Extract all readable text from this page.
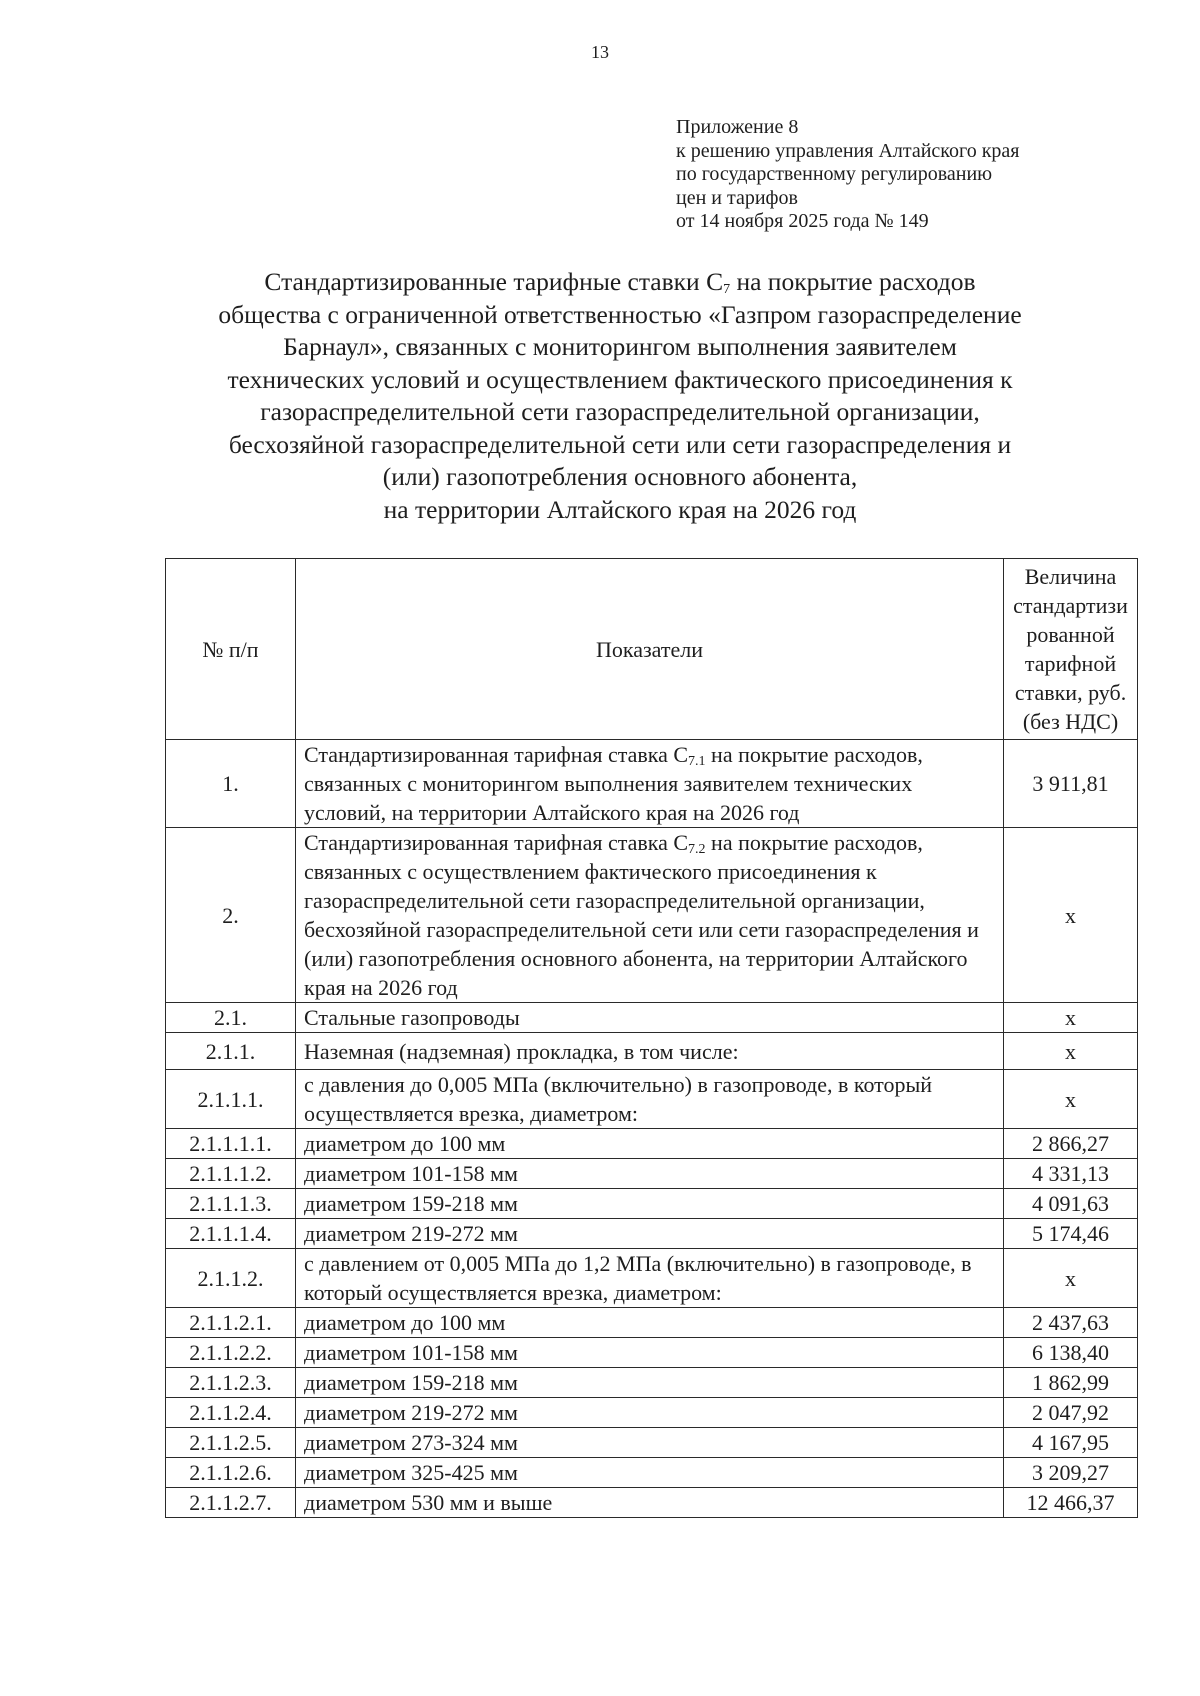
13
Приложение 8
к решению управления Алтайского края
по государственному регулированию
цен и тарифов
от 14 ноября 2025 года № 149
Стандартизированные тарифные ставки $С_7$ на покрытие расходов
общества с ограниченной ответственностью «Газпром газораспределение
Барнаул», связанных с мониторингом выполнения заявителем
технических условий и осуществлением фактического присоединения к
газораспределительной сети газораспределительной организации,
бесхозяйной газораспределительной сети или сети газораспределения и
(или) газопотребления основного абонента,
на территории Алтайского края на 2026 год
№ п/п	Показатели	Величина стандартизи рованной тарифной ставки, руб. (без НДС)
1.	Стандартизированная тарифная ставка $С_{7.1}$ на покрытие расходов, связанных с мониторингом выполнения заявителем технических условий, на территории Алтайского края на 2026 год	3 911,81
2.	Стандартизированная тарифная ставка $С_{7.2}$ на покрытие расходов, связанных с осуществлением фактического присоединения к газораспределительной сети газораспределительной организации, бесхозяйной газораспределительной сети или сети газораспределения и (или) газопотребления основного абонента, на территории Алтайского края на 2026 год	х
2.1.	Стальные газопроводы	х
2.1.1.	Наземная (надземная) прокладка, в том числе:	х
2.1.1.1.	с давления до 0,005 МПа (включительно) в газопроводе, в который осуществляется врезка, диаметром:	х
2.1.1.1.1.	диаметром до 100 мм	2 866,27
2.1.1.1.2.	диаметром 101-158 мм	4 331,13
2.1.1.1.3.	диаметром 159-218 мм	4 091,63
2.1.1.1.4.	диаметром 219-272 мм	5 174,46
2.1.1.2.	с давлением от 0,005 МПа до 1,2 МПа (включительно) в газопроводе, в который осуществляется врезка, диаметром:	х
2.1.1.2.1.	диаметром до 100 мм	2 437,63
2.1.1.2.2.	диаметром 101-158 мм	6 138,40
2.1.1.2.3.	диаметром 159-218 мм	1 862,99
2.1.1.2.4.	диаметром 219-272 мм	2 047,92
2.1.1.2.5.	диаметром 273-324 мм	4 167,95
2.1.1.2.6.	диаметром 325-425 мм	3 209,27
2.1.1.2.7.	диаметром 530 мм и выше	12 466,37
